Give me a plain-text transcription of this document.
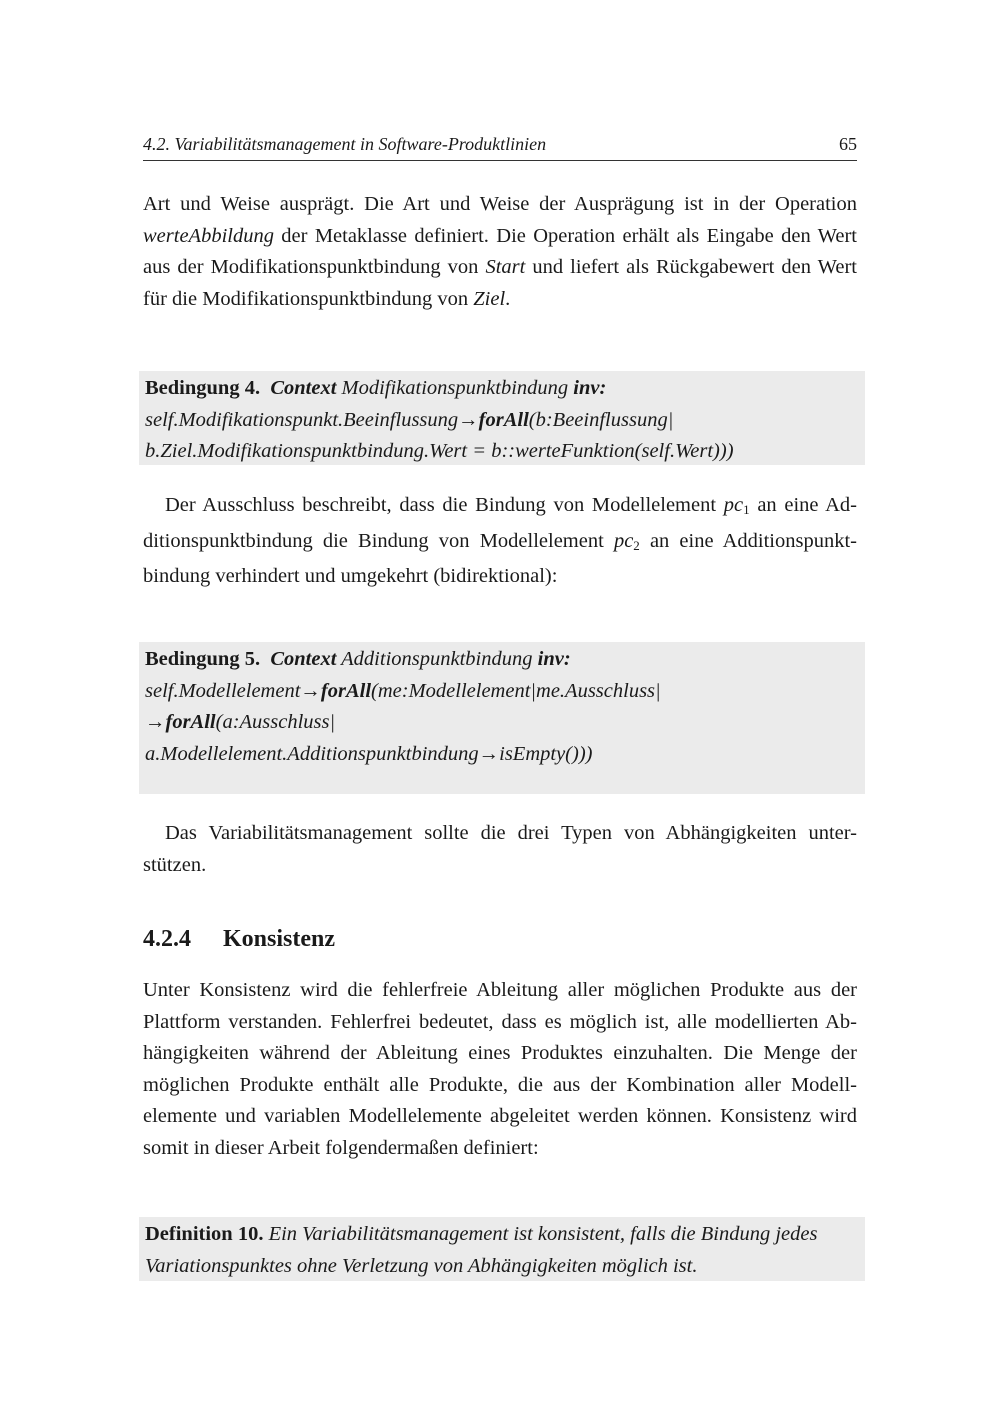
4.2. Variabilitätsmanagement in Software-Produktlinien	65
Art und Weise ausprägt. Die Art und Weise der Ausprägung ist in der Operation
werteAbbildung der Metaklasse definiert. Die Operation erhält als Eingabe den Wert
aus der Modifikationspunktbindung von Start und liefert als Rückgabewert den Wert
für die Modifikationspunktbindung von Ziel.
Bedingung 4. Context Modifikationspunktbindung inv:
self.Modifikationspunkt.Beeinflussung→forAll(b:Beeinflussung|
b.Ziel.Modifikationspunktbindung.Wert = b::werteFunktion(self.Wert)))
Der Ausschluss beschreibt, dass die Bindung von Modellelement $pc_1$ an eine Ad-
ditionspunktbindung die Bindung von Modellelement $pc_2$ an eine Additionspunkt-
bindung verhindert und umgekehrt (bidirektional):
Bedingung 5. Context Additionspunktbindung inv:
self.Modellelement→forAll(me:Modellelement|me.Ausschluss|
→forAll(a:Ausschluss|
a.Modellelement.Additionspunktbindung→isEmpty()))
Das Variabilitätsmanagement sollte die drei Typen von Abhängigkeiten unter-
stützen.
4.2.4 Konsistenz
Unter Konsistenz wird die fehlerfreie Ableitung aller möglichen Produkte aus der
Plattform verstanden. Fehlerfrei bedeutet, dass es möglich ist, alle modellierten Ab-
hängigkeiten während der Ableitung eines Produktes einzuhalten. Die Menge der
möglichen Produkte enthält alle Produkte, die aus der Kombination aller Modell-
elemente und variablen Modellelemente abgeleitet werden können. Konsistenz wird
somit in dieser Arbeit folgendermaßen definiert:
Definition 10. Ein Variabilitätsmanagement ist konsistent, falls die Bindung jedes
Variationspunktes ohne Verletzung von Abhängigkeiten möglich ist.
